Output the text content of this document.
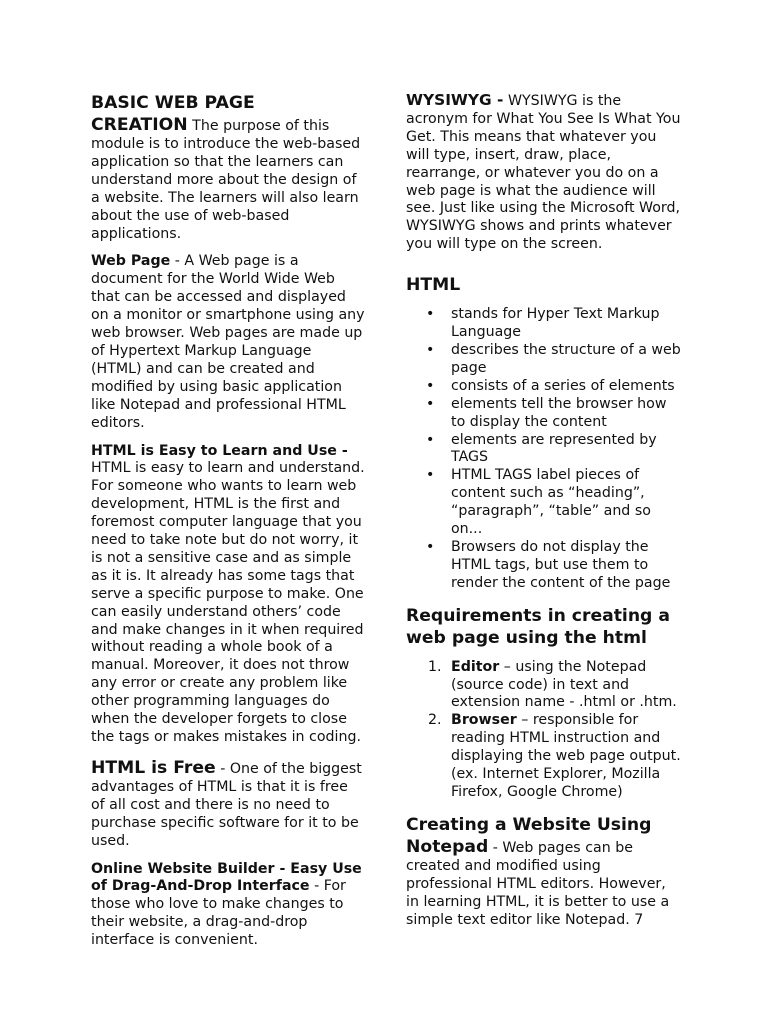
BASIC WEB PAGE
CREATION The purpose of this module is to introduce the web-based application so that the learners can understand more about the design of a website. The learners will also learn about the use of web-based applications.

Web Page - A Web page is a document for the World Wide Web that can be accessed and displayed on a monitor or smartphone using any web browser. Web pages are made up of Hypertext Markup Language (HTML) and can be created and modified by using basic application like Notepad and professional HTML editors.

HTML is Easy to Learn and Use - HTML is easy to learn and understand. For someone who wants to learn web development, HTML is the first and foremost computer language that you need to take note but do not worry, it is not a sensitive case and as simple as it is. It already has some tags that serve a specific purpose to make. One can easily understand others’ code and make changes in it when required without reading a whole book of a manual. Moreover, it does not throw any error or create any problem like other programming languages do when the developer forgets to close the tags or makes mistakes in coding.

HTML is Free - One of the biggest advantages of HTML is that it is free of all cost and there is no need to purchase specific software for it to be used.

Online Website Builder - Easy Use of Drag-And-Drop Interface - For those who love to make changes to their website, a drag-and-drop interface is convenient.

WYSIWYG - WYSIWYG is the acronym for What You See Is What You Get. This means that whatever you will type, insert, draw, place, rearrange, or whatever you do on a web page is what the audience will see. Just like using the Microsoft Word, WYSIWYG shows and prints whatever you will type on the screen.

HTML
• stands for Hyper Text Markup Language
• describes the structure of a web page
• consists of a series of elements
• elements tell the browser how to display the content
• elements are represented by TAGS
• HTML TAGS label pieces of content such as “heading”, “paragraph”, “table” and so on...
• Browsers do not display the HTML tags, but use them to render the content of the page
Requirements in creating a web page using the html
1. Editor – using the Notepad (source code) in text and extension name - .html or .htm.
2. Browser – responsible for reading HTML instruction and displaying the web page output. (ex. Internet Explorer, Mozilla Firefox, Google Chrome)

Creating a Website Using
Notepad - Web pages can be created and modified using professional HTML editors. However, in learning HTML, it is better to use a simple text editor like Notepad. 7
